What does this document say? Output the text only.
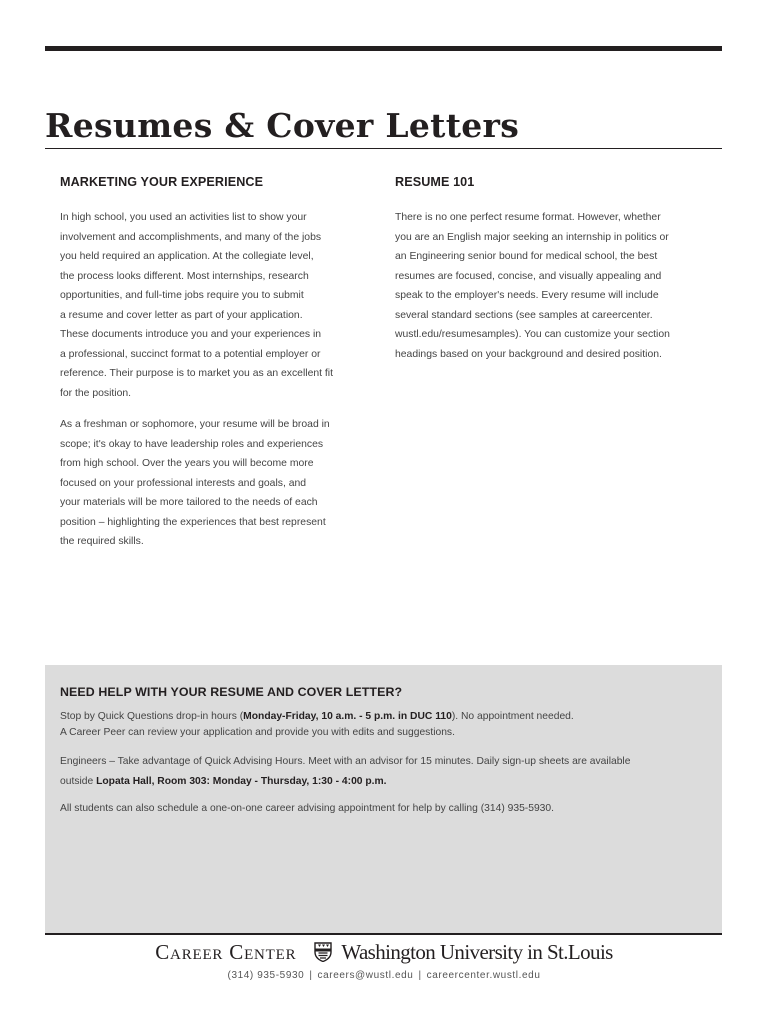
Resumes & Cover Letters
MARKETING YOUR EXPERIENCE

In high school, you used an activities list to show your
involvement and accomplishments, and many of the jobs
you held required an application. At the collegiate level,
the process looks different. Most internships, research
opportunities, and full-time jobs require you to submit
a resume and cover letter as part of your application.
These documents introduce you and your experiences in
a professional, succinct format to a potential employer or
reference. Their purpose is to market you as an excellent fit
for the position.

As a freshman or sophomore, your resume will be broad in
scope; it's okay to have leadership roles and experiences
from high school. Over the years you will become more
focused on your professional interests and goals, and
your materials will be more tailored to the needs of each
position – highlighting the experiences that best represent
the required skills.

RESUME 101

There is no one perfect resume format. However, whether
you are an English major seeking an internship in politics or
an Engineering senior bound for medical school, the best
resumes are focused, concise, and visually appealing and
speak to the employer's needs. Every resume will include
several standard sections (see samples at careercenter.
wustl.edu/resumesamples). You can customize your section
headings based on your background and desired position.

NEED HELP WITH YOUR RESUME AND COVER LETTER?

Stop by Quick Questions drop-in hours (Monday-Friday, 10 a.m. - 5 p.m. in DUC 110). No appointment needed.
A Career Peer can review your application and provide you with edits and suggestions.

Engineers – Take advantage of Quick Advising Hours. Meet with an advisor for 15 minutes. Daily sign-up sheets are available
outside Lopata Hall, Room 303: Monday - Thursday, 1:30 - 4:00 p.m.

All students can also schedule a one-on-one career advising appointment for help by calling (314) 935-5930.

Career Center Washington University in St.Louis
(314) 935-5930 | careers@wustl.edu | careercenter.wustl.edu
